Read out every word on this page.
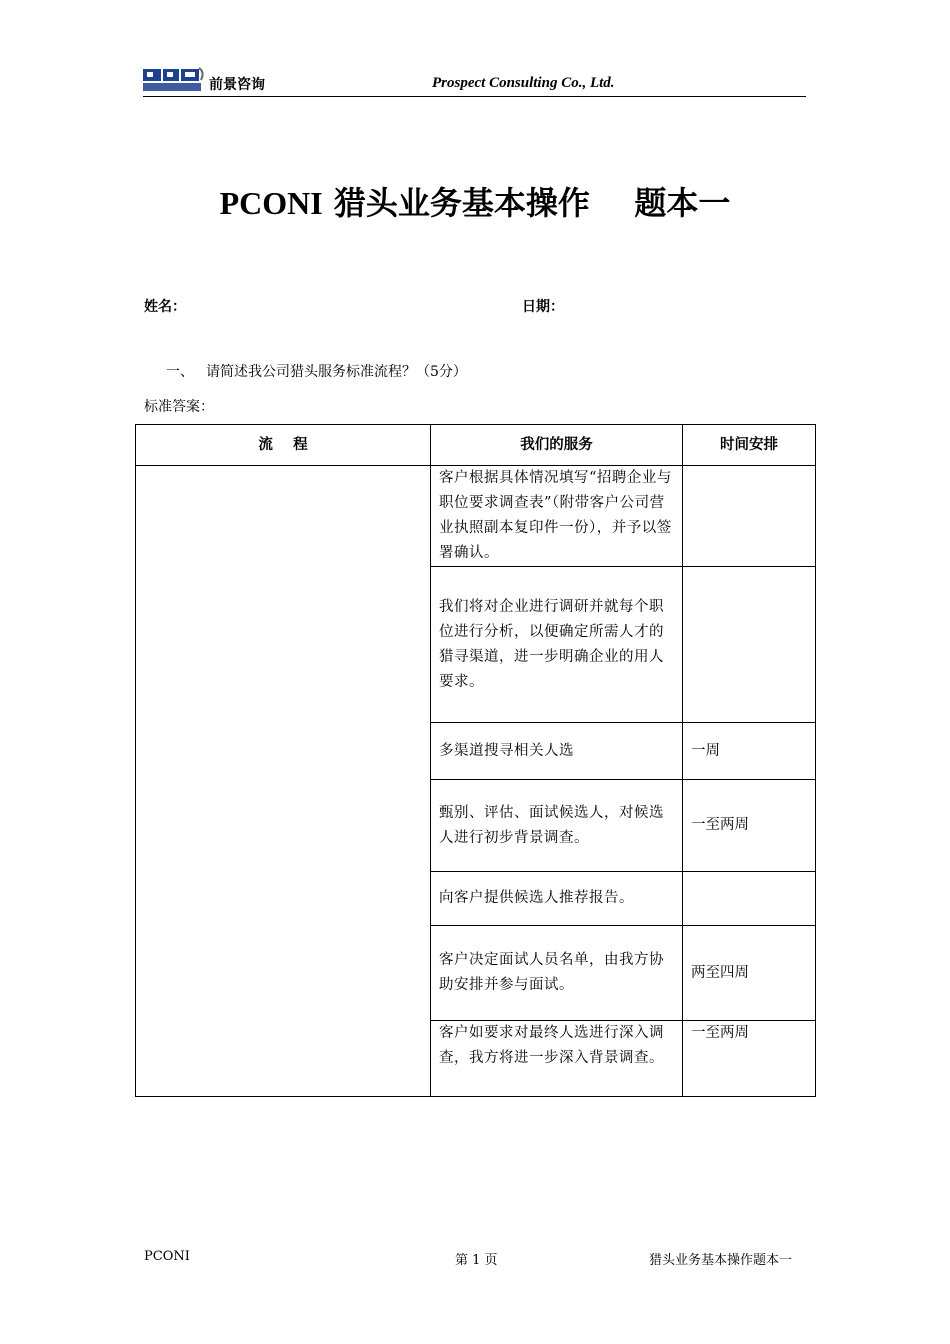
前景咨询	Prospect Consulting Co., Ltd.
PCONI 猎头业务基本操作    题本一
姓名：	日期：
一、 请简述我公司猎头服务标准流程？（5分）
标准答案：
流    程	我们的服务	时间安排
	客户根据具体情况填写“招聘企业与职位要求调查表”（附带客户公司营业执照副本复印件一份），并予以签署确认。	
	我们将对企业进行调研并就每个职位进行分析，以便确定所需人才的猎寻渠道，进一步明确企业的用人要求。	
	多渠道搜寻相关人选	一周
	甄别、评估、面试候选人，对候选人进行初步背景调查。	一至两周
	向客户提供候选人推荐报告。	
	客户决定面试人员名单，由我方协助安排并参与面试。	两至四周
	客户如要求对最终人选进行深入调查，我方将进一步深入背景调查。	一至两周
PCONI	第 1 页	猎头业务基本操作题本一
